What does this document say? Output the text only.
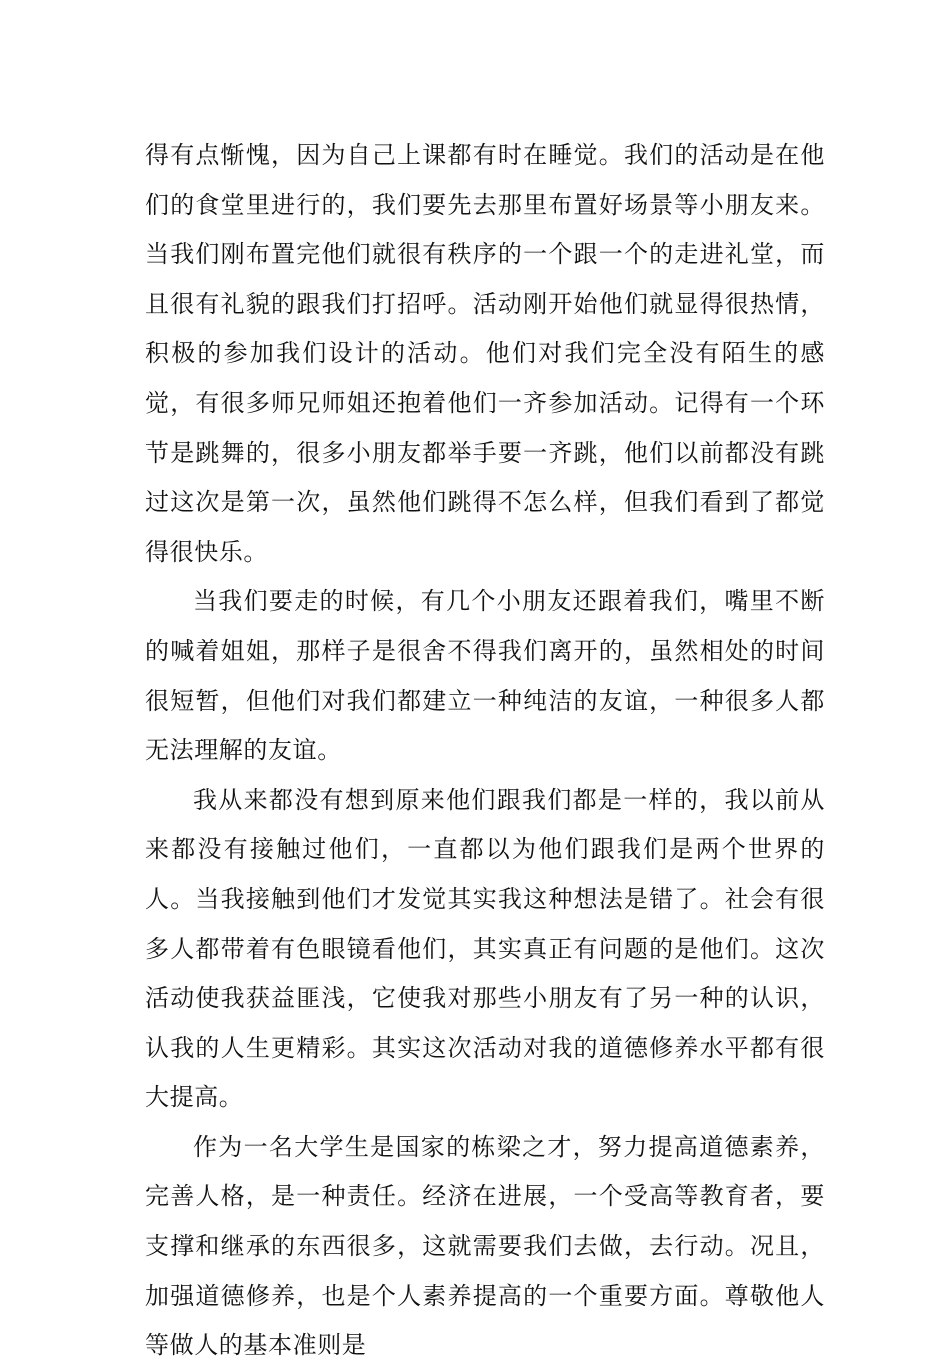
得有点惭愧，因为自己上课都有时在睡觉。我们的活动是在他们的食堂里进行的，我们要先去那里布置好场景等小朋友来。当我们刚布置完他们就很有秩序的一个跟一个的走进礼堂，而且很有礼貌的跟我们打招呼。活动刚开始他们就显得很热情，积极的参加我们设计的活动。他们对我们完全没有陌生的感觉，有很多师兄师姐还抱着他们一齐参加活动。记得有一个环节是跳舞的，很多小朋友都举手要一齐跳，他们以前都没有跳过这次是第一次，虽然他们跳得不怎么样，但我们看到了都觉得很快乐。

当我们要走的时候，有几个小朋友还跟着我们，嘴里不断的喊着姐姐，那样子是很舍不得我们离开的，虽然相处的时间很短暂，但他们对我们都建立一种纯洁的友谊，一种很多人都无法理解的友谊。

我从来都没有想到原来他们跟我们都是一样的，我以前从来都没有接触过他们，一直都以为他们跟我们是两个世界的人。当我接触到他们才发觉其实我这种想法是错了。社会有很多人都带着有色眼镜看他们，其实真正有问题的是他们。这次活动使我获益匪浅，它使我对那些小朋友有了另一种的认识，认我的人生更精彩。其实这次活动对我的道德修养水平都有很大提高。

作为一名大学生是国家的栋梁之才，努力提高道德素养，完善人格，是一种责任。经济在进展，一个受高等教育者，要支撑和继承的东西很多，这就需要我们去做，去行动。况且，加强道德修养，也是个人素养提高的一个重要方面。尊敬他人等做人的基本准则是
